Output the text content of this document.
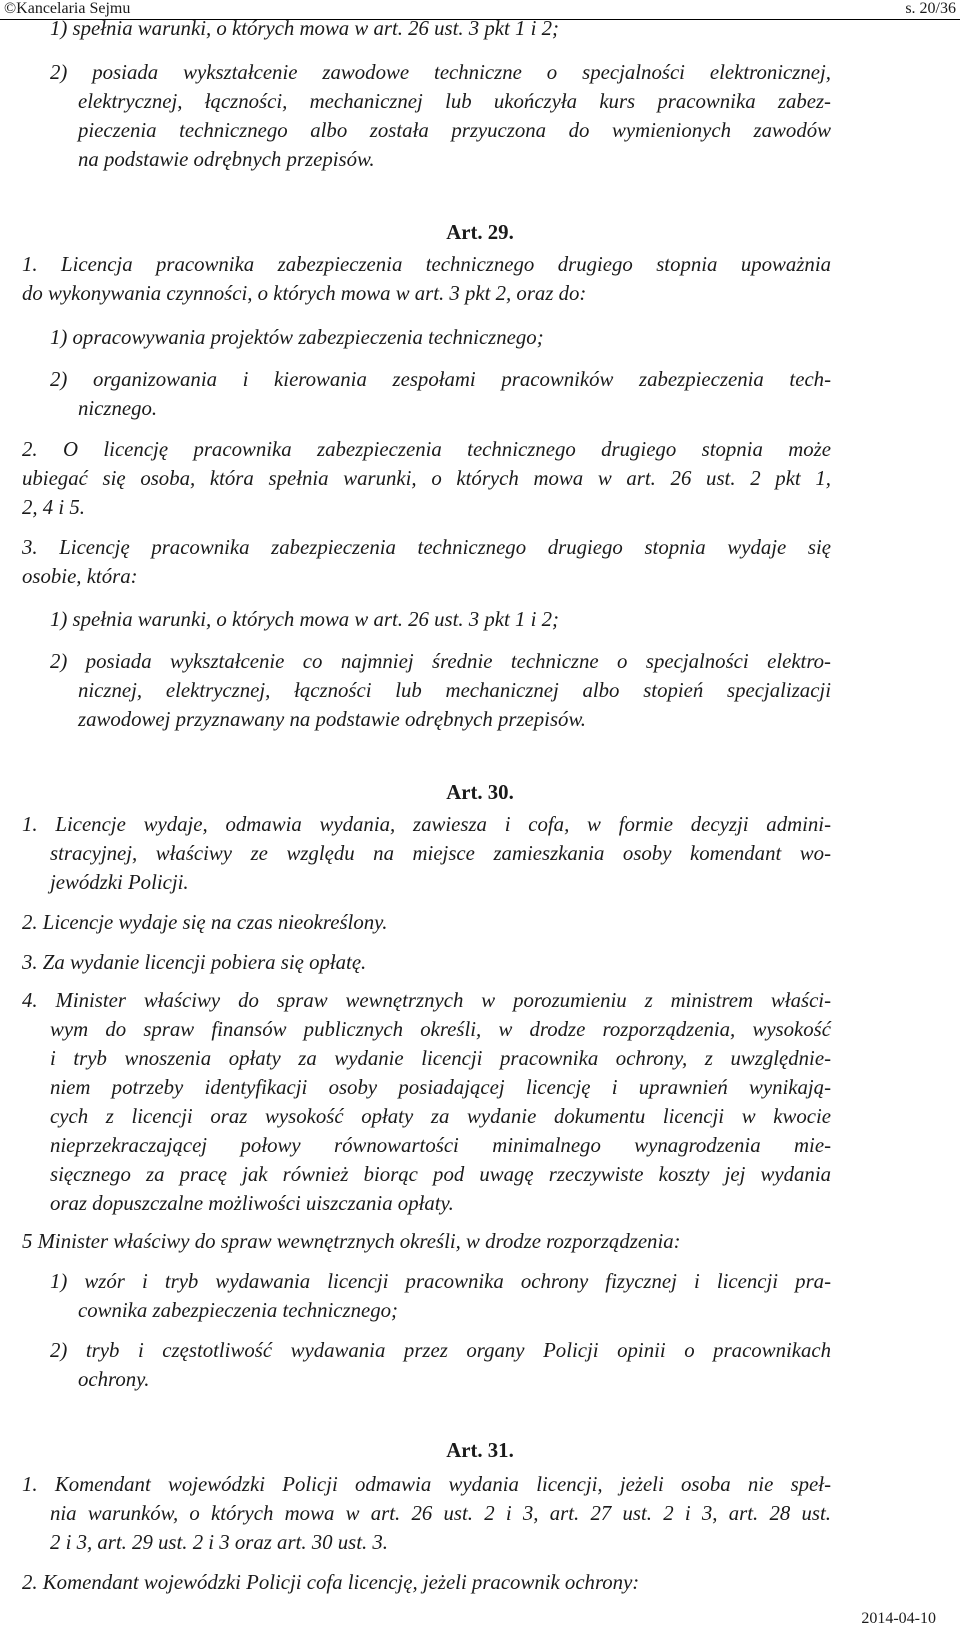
©Kancelaria Sejmu	s. 20/36
1) spełnia warunki, o których mowa w art. 26 ust. 3 pkt 1 i 2;
2) posiada wykształcenie zawodowe techniczne o specjalności elektronicznej,
elektrycznej, łączności, mechanicznej lub ukończyła kurs pracownika zabez-
pieczenia technicznego albo została przyuczona do wymienionych zawodów
na podstawie odrębnych przepisów.
Art. 29.
1. Licencja pracownika zabezpieczenia technicznego drugiego stopnia upoważnia
do wykonywania czynności, o których mowa w art. 3 pkt 2, oraz do:
1) opracowywania projektów zabezpieczenia technicznego;
2) organizowania i kierowania zespołami pracowników zabezpieczenia tech-
nicznego.
2. O licencję pracownika zabezpieczenia technicznego drugiego stopnia może
ubiegać się osoba, która spełnia warunki, o których mowa w art. 26 ust. 2 pkt 1,
2, 4 i 5.
3. Licencję pracownika zabezpieczenia technicznego drugiego stopnia wydaje się
osobie, która:
1) spełnia warunki, o których mowa w art. 26 ust. 3 pkt 1 i 2;
2) posiada wykształcenie co najmniej średnie techniczne o specjalności elektro-
nicznej, elektrycznej, łączności lub mechanicznej albo stopień specjalizacji
zawodowej przyznawany na podstawie odrębnych przepisów.
Art. 30.
1. Licencje wydaje, odmawia wydania, zawiesza i cofa, w formie decyzji admini-
stracyjnej, właściwy ze względu na miejsce zamieszkania osoby komendant wo-
jewódzki Policji.
2. Licencje wydaje się na czas nieokreślony.
3. Za wydanie licencji pobiera się opłatę.
4. Minister właściwy do spraw wewnętrznych w porozumieniu z ministrem właści-
wym do spraw finansów publicznych określi, w drodze rozporządzenia, wysokość
i tryb wnoszenia opłaty za wydanie licencji pracownika ochrony, z uwzględnie-
niem potrzeby identyfikacji osoby posiadającej licencję i uprawnień wynikają-
cych z licencji oraz wysokość opłaty za wydanie dokumentu licencji w kwocie
nieprzekraczającej połowy równowartości minimalnego wynagrodzenia mie-
sięcznego za pracę jak również biorąc pod uwagę rzeczywiste koszty jej wydania
oraz dopuszczalne możliwości uiszczania opłaty.
5 Minister właściwy do spraw wewnętrznych określi, w drodze rozporządzenia:
1) wzór i tryb wydawania licencji pracownika ochrony fizycznej i licencji pra-
cownika zabezpieczenia technicznego;
2) tryb i częstotliwość wydawania przez organy Policji opinii o pracownikach
ochrony.
Art. 31.
1. Komendant wojewódzki Policji odmawia wydania licencji, jeżeli osoba nie speł-
nia warunków, o których mowa w art. 26 ust. 2 i 3, art. 27 ust. 2 i 3, art. 28 ust.
2 i 3, art. 29 ust. 2 i 3 oraz art. 30 ust. 3.
2. Komendant wojewódzki Policji cofa licencję, jeżeli pracownik ochrony:
2014-04-10
